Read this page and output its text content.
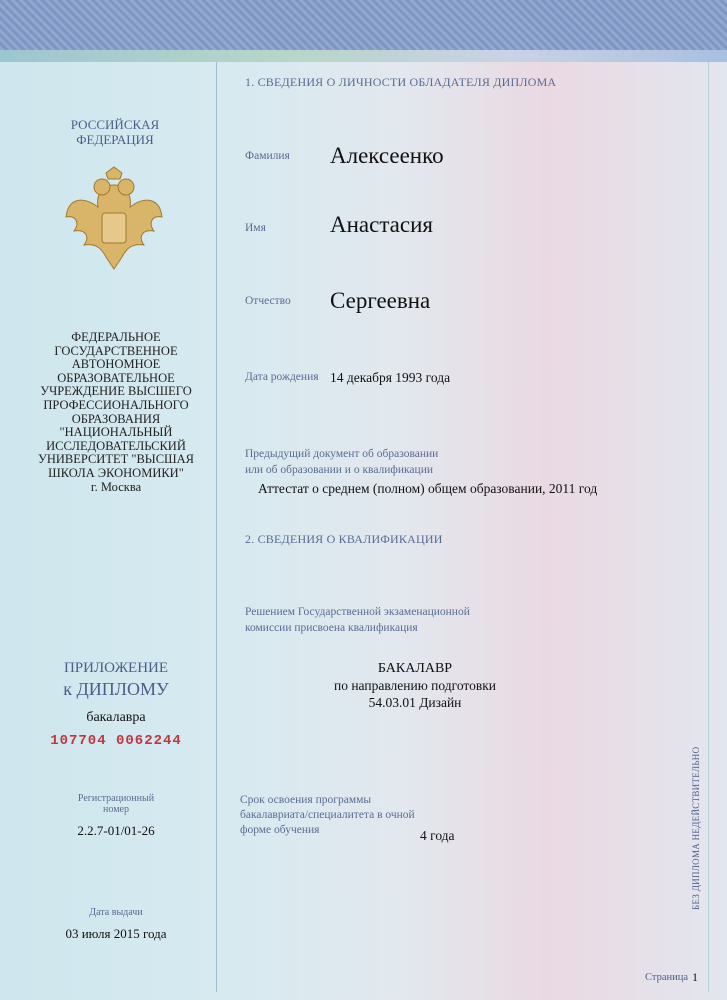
РОССИЙСКАЯ
ФЕДЕРАЦИЯ
ФЕДЕРАЛЬНОЕ
ГОСУДАРСТВЕННОЕ
АВТОНОМНОЕ
ОБРАЗОВАТЕЛЬНОЕ
УЧРЕЖДЕНИЕ ВЫСШЕГО
ПРОФЕССИОНАЛЬНОГО
ОБРАЗОВАНИЯ
"НАЦИОНАЛЬНЫЙ
ИССЛЕДОВАТЕЛЬСКИЙ
УНИВЕРСИТЕТ "ВЫСШАЯ
ШКОЛА ЭКОНОМИКИ"
г. Москва
ПРИЛОЖЕНИЕ
к ДИПЛОМУ
бакалавра
107704 0062244
Регистрационный
номер
2.2.7-01/01-26
Дата выдачи
03 июля 2015 года
1. СВЕДЕНИЯ О ЛИЧНОСТИ ОБЛАДАТЕЛЯ ДИПЛОМА
Фамилия Алексеенко
Имя	Анастасия
Отчество Сергеевна
Дата рождения 14 декабря 1993 года
Предыдущий документ об образовании
или об образовании и о квалификации
Аттестат о среднем (полном) общем образовании, 2011 год
2. СВЕДЕНИЯ О КВАЛИФИКАЦИИ
Решением Государственной экзаменационной
комиссии присвоена квалификация
БАКАЛАВР
по направлению подготовки
54.03.01 Дизайн
Срок освоения программы
бакалавриата/специалитета в очной
форме обучения	4 года	БЕЗ ДИПЛОМА НЕДЕЙСТВИТЕЛЬНО
Страница 1
